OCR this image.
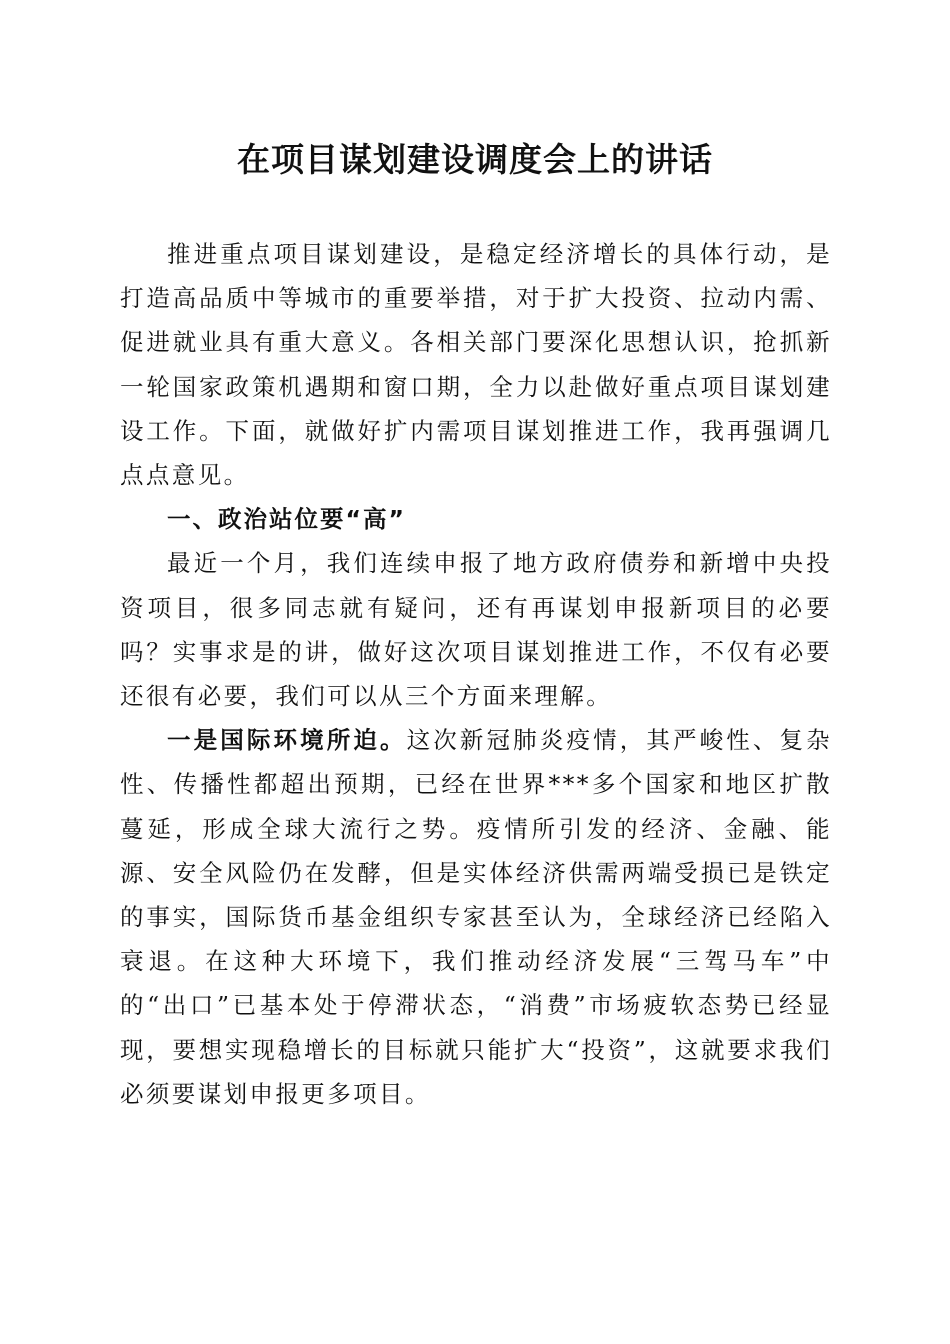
在项目谋划建设调度会上的讲话

推进重点项目谋划建设，是稳定经济增长的具体行动，是打造高品质中等城市的重要举措，对于扩大投资、拉动内需、促进就业具有重大意义。各相关部门要深化思想认识，抢抓新一轮国家政策机遇期和窗口期，全力以赴做好重点项目谋划建设工作。下面，就做好扩内需项目谋划推进工作，我再强调几点点意见。

一、政治站位要“高”

最近一个月，我们连续申报了地方政府债券和新增中央投资项目，很多同志就有疑问，还有再谋划申报新项目的必要吗？实事求是的讲，做好这次项目谋划推进工作，不仅有必要还很有必要，我们可以从三个方面来理解。

一是国际环境所迫。这次新冠肺炎疫情，其严峻性、复杂性、传播性都超出预期，已经在世界***多个国家和地区扩散蔓延，形成全球大流行之势。疫情所引发的经济、金融、能源、安全风险仍在发酵，但是实体经济供需两端受损已是铁定的事实，国际货币基金组织专家甚至认为，全球经济已经陷入衰退。在这种大环境下，我们推动经济发展“三驾马车”中的“出口”已基本处于停滞状态，“消费”市场疲软态势已经显现，要想实现稳增长的目标就只能扩大“投资”，这就要求我们必须要谋划申报更多项目。
